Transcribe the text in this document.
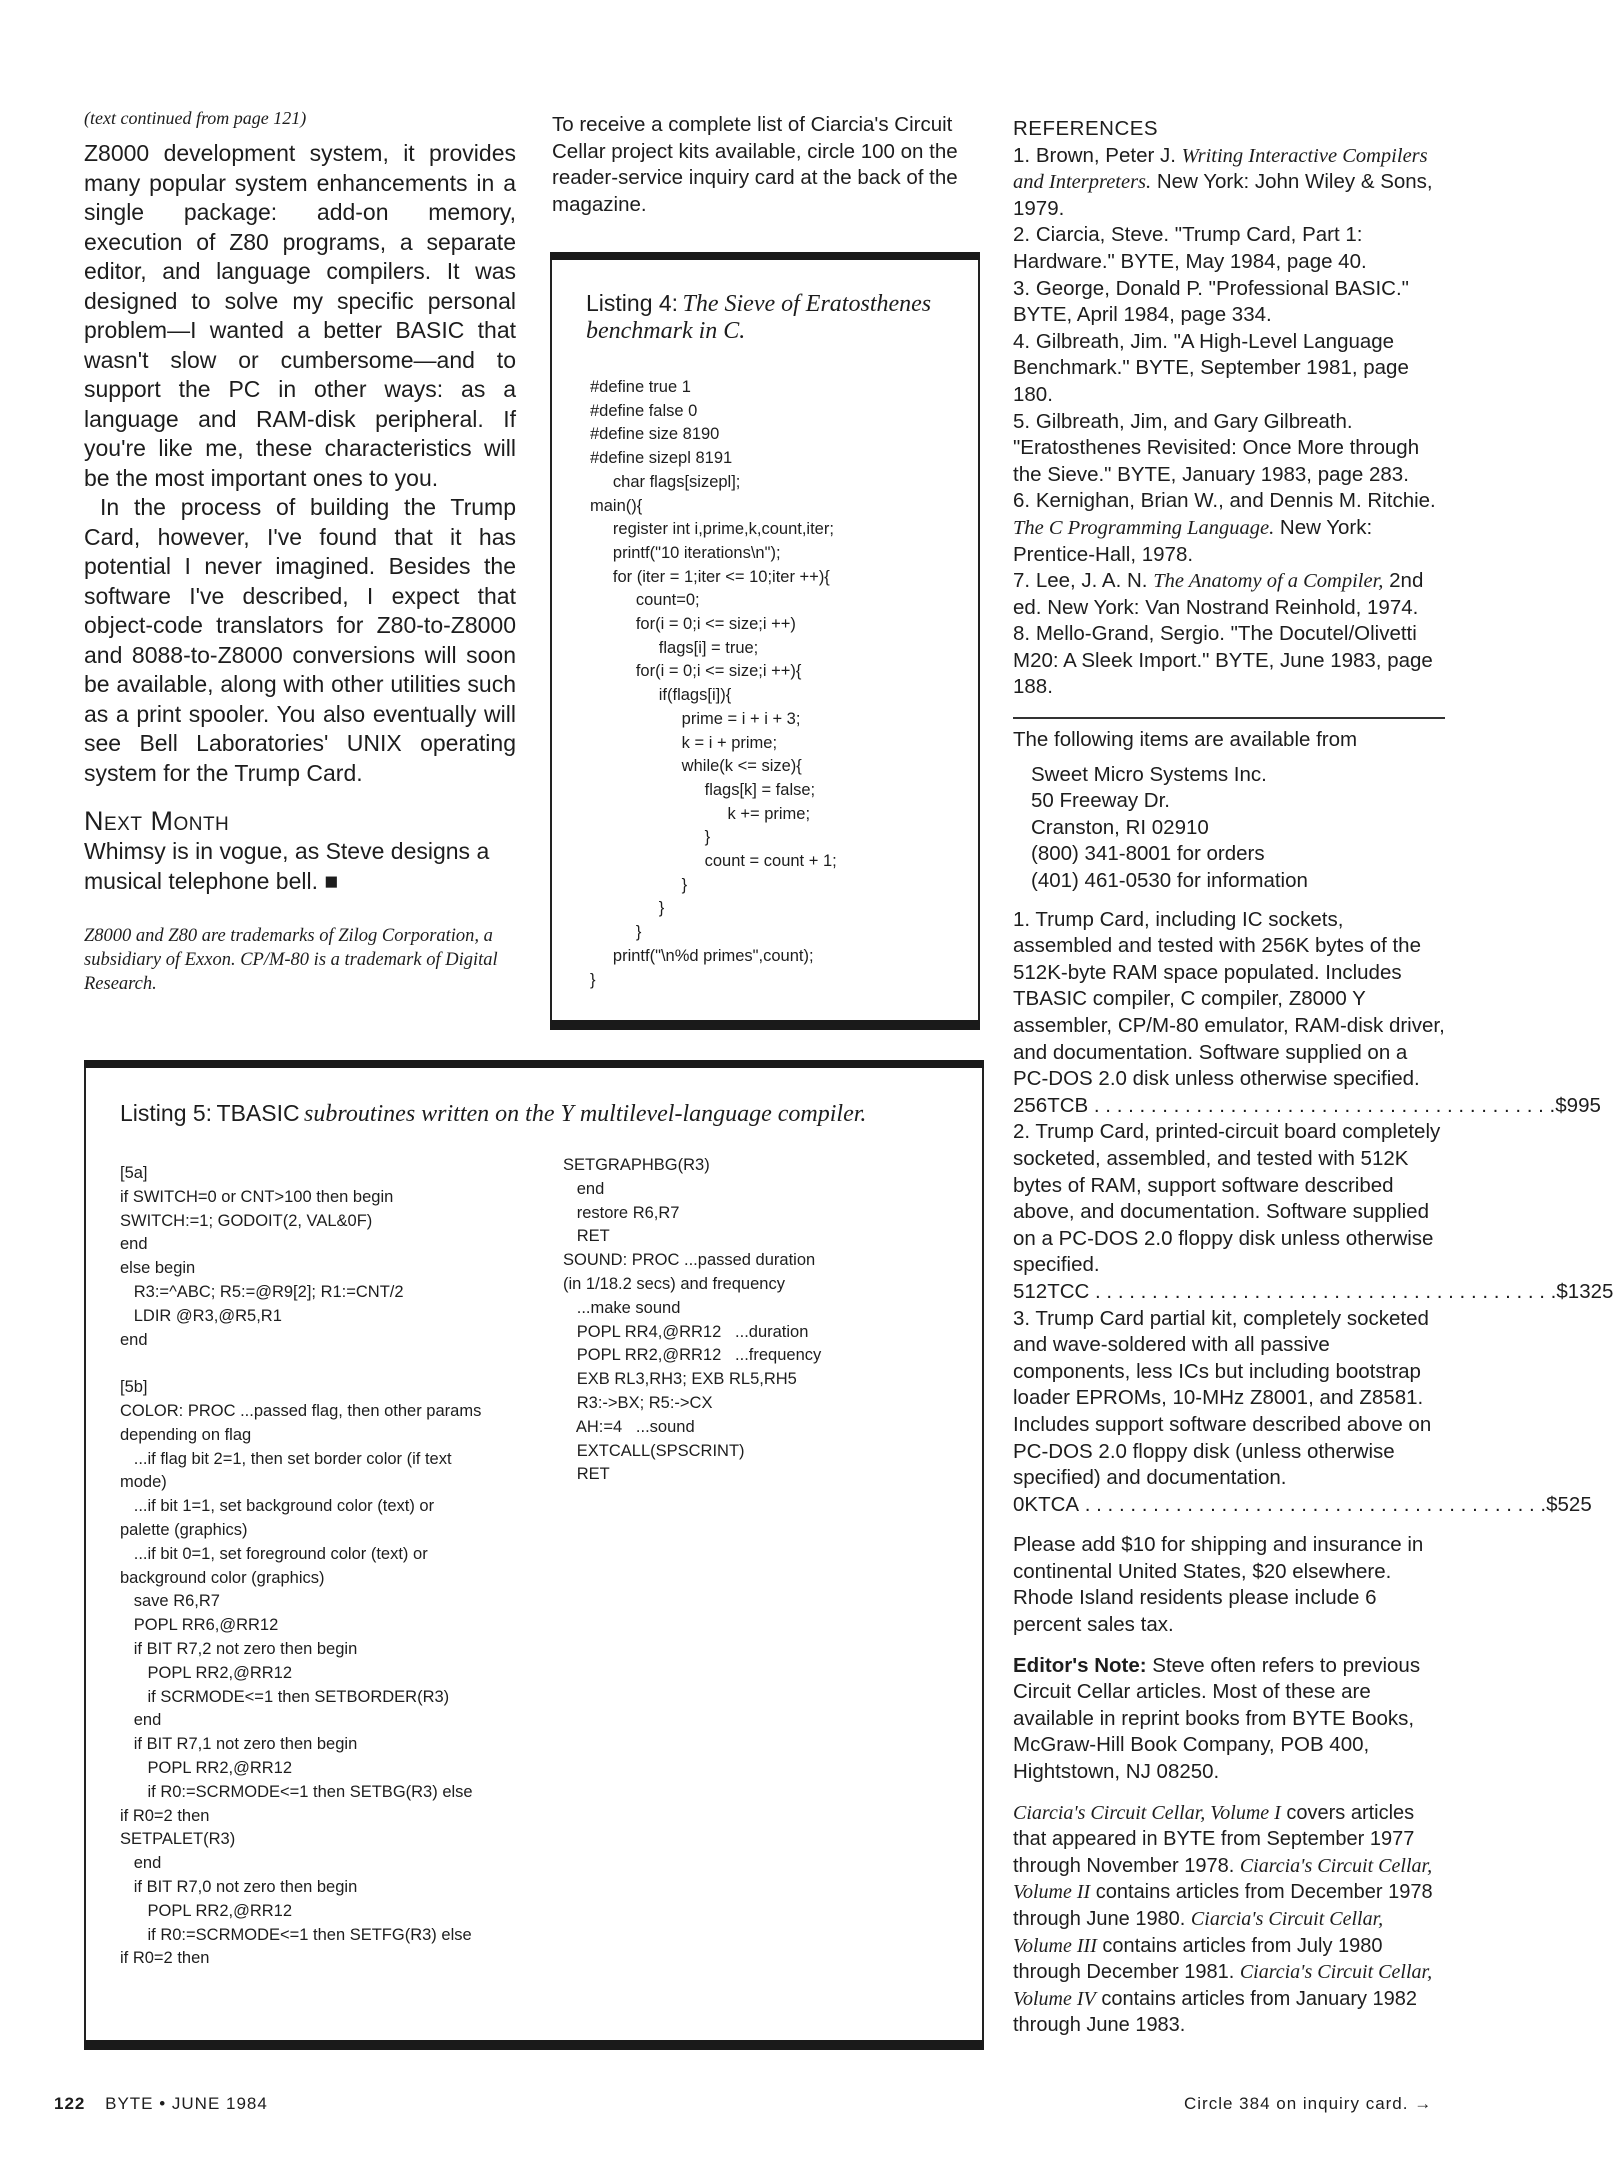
(text continued from page 121)

Z8000 development system, it provides many popular system enhancements in a single package: add-on memory, execution of Z80 programs, a separate editor, and language compilers. It was designed to solve my specific personal problem—I wanted a better BASIC that wasn't slow or cumbersome—and to support the PC in other ways: as a language and RAM-disk peripheral. If you're like me, these characteristics will be the most important ones to you.

In the process of building the Trump Card, however, I've found that it has potential I never imagined. Besides the software I've described, I expect that object-code translators for Z80-to-Z8000 and 8088-to-Z8000 conversions will soon be available, along with other utilities such as a print spooler. You also eventually will see Bell Laboratories' UNIX operating system for the Trump Card.

Next Month

Whimsy is in vogue, as Steve designs a musical telephone bell. ■

Z8000 and Z80 are trademarks of Zilog Corporation, a subsidiary of Exxon. CP/M-80 is a trademark of Digital Research.

To receive a complete list of Ciarcia's Circuit Cellar project kits available, circle 100 on the reader-service inquiry card at the back of the magazine.

Listing 4: The Sieve of Eratosthenes benchmark in C.
#define true 1
#define false 0
#define size 8190
#define sizepl 8191
char flags[sizepl];
main(){
register int i,prime,k,count,iter;
printf("10 iterations\n");
for (iter = 1;iter <= 10;iter ++){
count=0;
for(i = 0;i <= size;i ++)
flags[i] = true;
for(i = 0;i <= size;i ++){
if(flags[i]){
prime = i + i + 3;
k = i + prime;
while(k <= size){
flags[k] = false;
k += prime;
}
count = count + 1;
}
}
}
printf("\n%d primes",count);
}
Listing 5: TBASIC subroutines written on the Y multilevel-language compiler.
[5a]
if SWITCH=0 or CNT>100 then begin
SWITCH:=1; GODOIT(2, VAL&0F)
end
else begin
R3:=^ABC; R5:=@R9[2]; R1:=CNT/2
LDIR @R3,@R5,R1
end

[5b]
COLOR: PROC ...passed flag, then other params
depending on flag
...if flag bit 2=1, then set border color (if text
mode)
...if bit 1=1, set background color (text) or
palette (graphics)
...if bit 0=1, set foreground color (text) or
background color (graphics)
save R6,R7
POPL RR6,@RR12
if BIT R7,2 not zero then begin
POPL RR2,@RR12
if SCRMODE<=1 then SETBORDER(R3)
end
if BIT R7,1 not zero then begin
POPL RR2,@RR12
if R0:=SCRMODE<=1 then SETBG(R3) else
if R0=2 then
SETPALET(R3)
end
if BIT R7,0 not zero then begin
POPL RR2,@RR12
if R0:=SCRMODE<=1 then SETFG(R3) else
if R0=2 then
SETGRAPHBG(R3)
end
restore R6,R7
RET
SOUND: PROC ...passed duration
(in 1/18.2 secs) and frequency
...make sound
POPL RR4,@RR12   ...duration
POPL RR2,@RR12   ...frequency
EXB RL3,RH3; EXB RL5,RH5
R3:->BX; R5:->CX
AH:=4   ...sound
EXTCALL(SPSCRINT)
RET

REFERENCES

1. Brown, Peter J. Writing Interactive Compilers and Interpreters. New York: John Wiley & Sons, 1979.

2. Ciarcia, Steve. "Trump Card, Part 1: Hardware." BYTE, May 1984, page 40.

3. George, Donald P. "Professional BASIC." BYTE, April 1984, page 334.

4. Gilbreath, Jim. "A High-Level Language Benchmark." BYTE, September 1981, page 180.

5. Gilbreath, Jim, and Gary Gilbreath. "Eratosthenes Revisited: Once More through the Sieve." BYTE, January 1983, page 283.

6. Kernighan, Brian W., and Dennis M. Ritchie. The C Programming Language. New York: Prentice-Hall, 1978.

7. Lee, J. A. N. The Anatomy of a Compiler, 2nd ed. New York: Van Nostrand Reinhold, 1974.

8. Mello-Grand, Sergio. "The Docutel/Olivetti M20: A Sleek Import." BYTE, June 1983, page 188.

The following items are available from

Sweet Micro Systems Inc.

50 Freeway Dr.

Cranston, RI 02910

(800) 341-8001 for orders

(401) 461-0530 for information

1. Trump Card, including IC sockets, assembled and tested with 256K bytes of the 512K-byte RAM space populated. Includes TBASIC compiler, C compiler, Z8000 Y assembler, CP/M-80 emulator, RAM-disk driver, and documentation. Software supplied on a PC-DOS 2.0 disk unless otherwise specified.

256TCB . . . . . . . . . . . . . . . . . . . . . . . . . . . . . . . . . . . . . . . . . $995

2. Trump Card, printed-circuit board completely socketed, assembled, and tested with 512K bytes of RAM, support software described above, and documentation. Software supplied on a PC-DOS 2.0 floppy disk unless otherwise specified.

512TCC . . . . . . . . . . . . . . . . . . . . . . . . . . . . . . . . . . . . . . . . . $1325

3. Trump Card partial kit, completely socketed and wave-soldered with all passive components, less ICs but including bootstrap loader EPROMs, 10-MHz Z8001, and Z8581. Includes support software described above on PC-DOS 2.0 floppy disk (unless otherwise specified) and documentation.

0KTCA . . . . . . . . . . . . . . . . . . . . . . . . . . . . . . . . . . . . . . . . . $525

Please add $10 for shipping and insurance in continental United States, $20 elsewhere. Rhode Island residents please include 6 percent sales tax.

Editor's Note: Steve often refers to previous Circuit Cellar articles. Most of these are available in reprint books from BYTE Books, McGraw-Hill Book Company, POB 400, Hightstown, NJ 08250.

Ciarcia's Circuit Cellar, Volume I covers articles that appeared in BYTE from September 1977 through November 1978. Ciarcia's Circuit Cellar, Volume II contains articles from December 1978 through June 1980. Ciarcia's Circuit Cellar, Volume III contains articles from July 1980 through December 1981. Ciarcia's Circuit Cellar, Volume IV contains articles from January 1982 through June 1983.

122 BYTE • JUNE 1984	Circle 384 on inquiry card. →
